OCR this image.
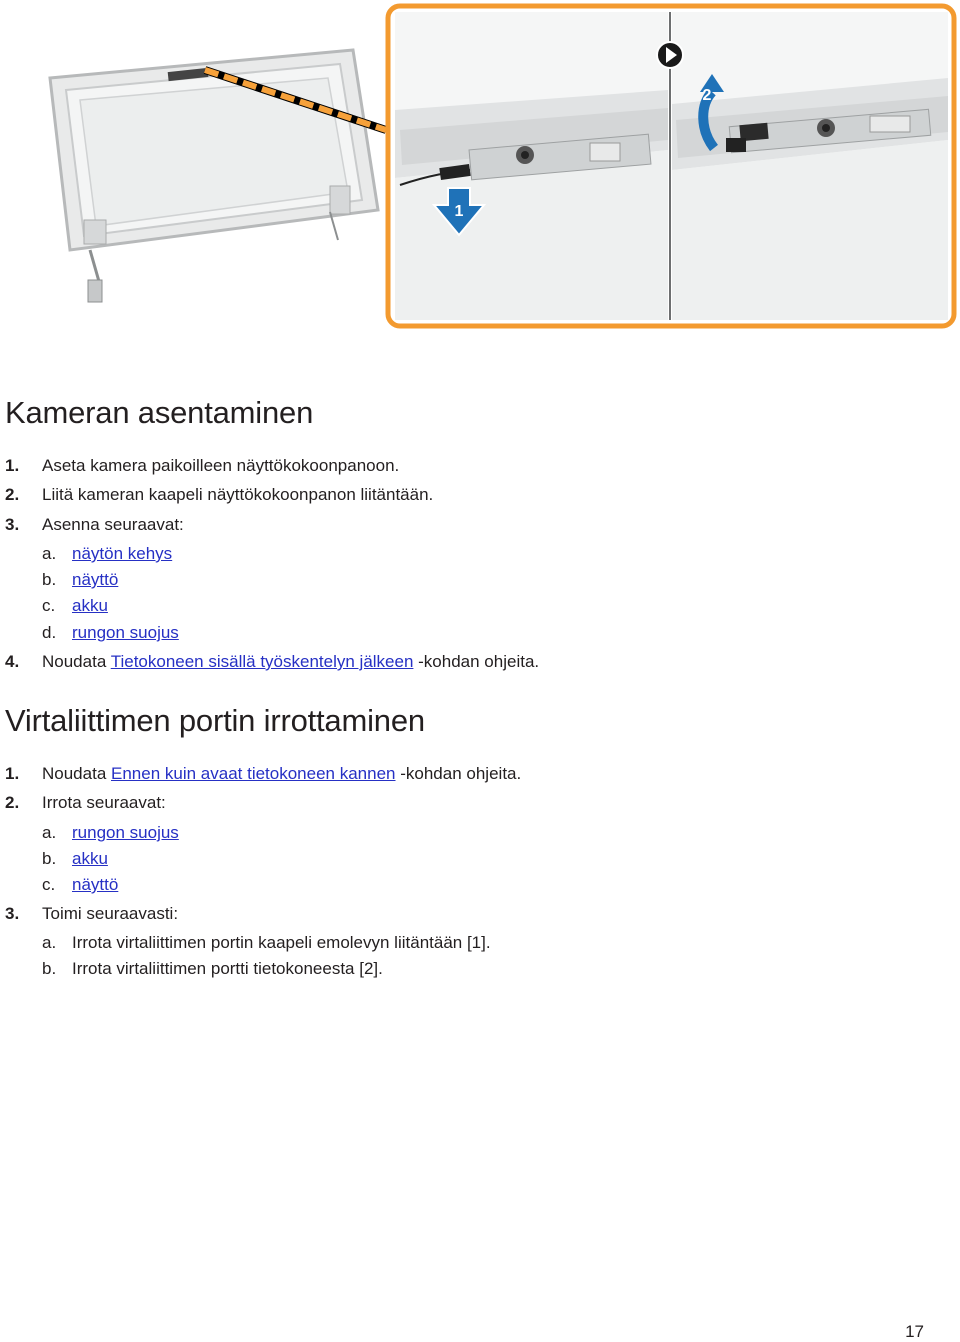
1
2
Kameran asentaminen
1. Aseta kamera paikoilleen näyttökokoonpanoon.
2. Liitä kameran kaapeli näyttökokoonpanon liitäntään.
3. Asenna seuraavat:
a. näytön kehys
b. näyttö
c. akku
d. rungon suojus
4. Noudata Tietokoneen sisällä työskentelyn jälkeen -kohdan ohjeita.
Virtaliittimen portin irrottaminen
1. Noudata Ennen kuin avaat tietokoneen kannen -kohdan ohjeita.
2. Irrota seuraavat:
a. rungon suojus
b. akku
c. näyttö
3. Toimi seuraavasti:
a. Irrota virtaliittimen portin kaapeli emolevyn liitäntään [1].
b. Irrota virtaliittimen portti tietokoneesta [2].
17
